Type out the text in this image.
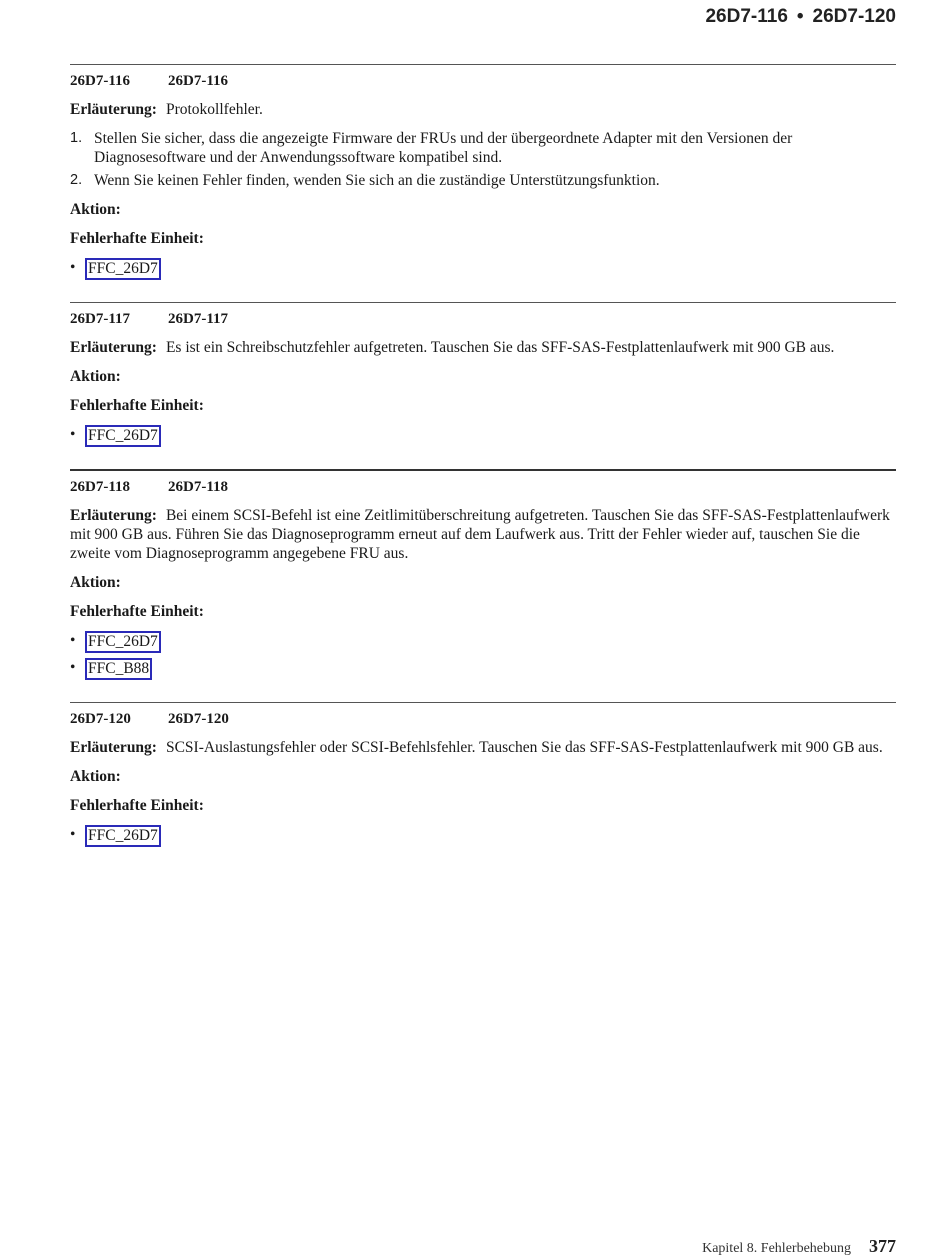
26D7-116 • 26D7-120
26D7-116	26D7-116

Erläuterung: Protokollfehler.

1. Stellen Sie sicher, dass die angezeigte Firmware der FRUs und der übergeordnete Adapter mit den Versionen der Diagnosesoftware und der Anwendungssoftware kompatibel sind.
2. Wenn Sie keinen Fehler finden, wenden Sie sich an die zuständige Unterstützungsfunktion.

Aktion:

Fehlerhafte Einheit:

• FFC_26D7
26D7-117	26D7-117

Erläuterung: Es ist ein Schreibschutzfehler aufgetreten. Tauschen Sie das SFF-SAS-Festplattenlaufwerk mit 900 GB aus.

Aktion:

Fehlerhafte Einheit:

• FFC_26D7
26D7-118	26D7-118

Erläuterung: Bei einem SCSI-Befehl ist eine Zeitlimitüberschreitung aufgetreten. Tauschen Sie das SFF-SAS-Festplattenlaufwerk mit 900 GB aus. Führen Sie das Diagnoseprogramm erneut auf dem Laufwerk aus. Tritt der Fehler wieder auf, tauschen Sie die zweite vom Diagnoseprogramm angegebene FRU aus.

Aktion:

Fehlerhafte Einheit:

• FFC_26D7
• FFC_B88
26D7-120 26D7-120

Erläuterung: SCSI-Auslastungsfehler oder SCSI-Befehlsfehler. Tauschen Sie das SFF-SAS-Festplattenlaufwerk mit 900 GB aus.

Aktion:

Fehlerhafte Einheit:

• FFC_26D7
Kapitel 8. Fehlerbehebung 377
